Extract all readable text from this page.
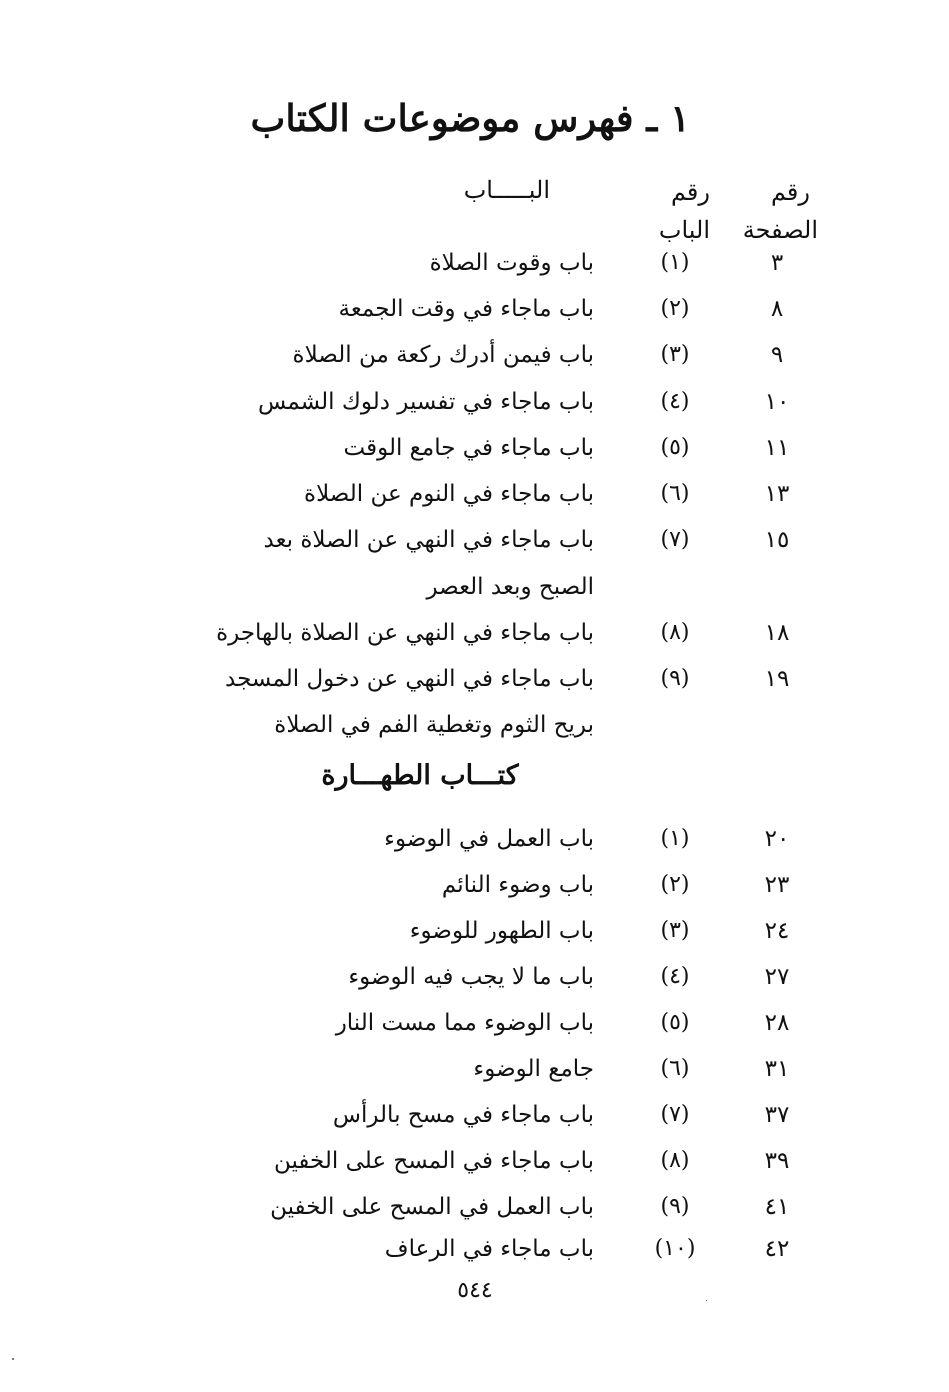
١ ـ فهرس موضوعات الكتاب
البـــــاب	رقم
الباب
رقم
الصفحة
٣
(١)
باب وقوت الصلاة
٨
(٢)
باب ماجاء في وقت الجمعة
٩
(٣)
باب فيمن أدرك ركعة من الصلاة
١٠
(٤)
باب ماجاء في تفسير دلوك الشمس
١١
(٥)
باب ماجاء في جامع الوقت
١٣
(٦)
باب ماجاء في النوم عن الصلاة
١٥
(٧)
باب ماجاء في النهي عن الصلاة بعد
الصبح وبعد العصر
١٨
(٨)
باب ماجاء في النهي عن الصلاة بالهاجرة
١٩
(٩)
باب ماجاء في النهي عن دخول المسجد
بريح الثوم وتغطية الفم في الصلاة
كتـــاب الطهـــارة
٢٠
(١)
باب العمل في الوضوء
٢٣
(٢)
باب وضوء النائم
٢٤
(٣)
باب الطهور للوضوء
٢٧
(٤)
باب ما لا يجب فيه الوضوء
٢٨
(٥)
باب الوضوء مما مست النار
٣١
(٦)
جامع الوضوء
٣٧
(٧)
باب ماجاء في مسح بالرأس
٣٩
(٨)
باب ماجاء في المسح على الخفين
٤١
(٩)
باب العمل في المسح على الخفين
٤٢
(١٠)
باب ماجاء في الرعاف
٥٤٤
